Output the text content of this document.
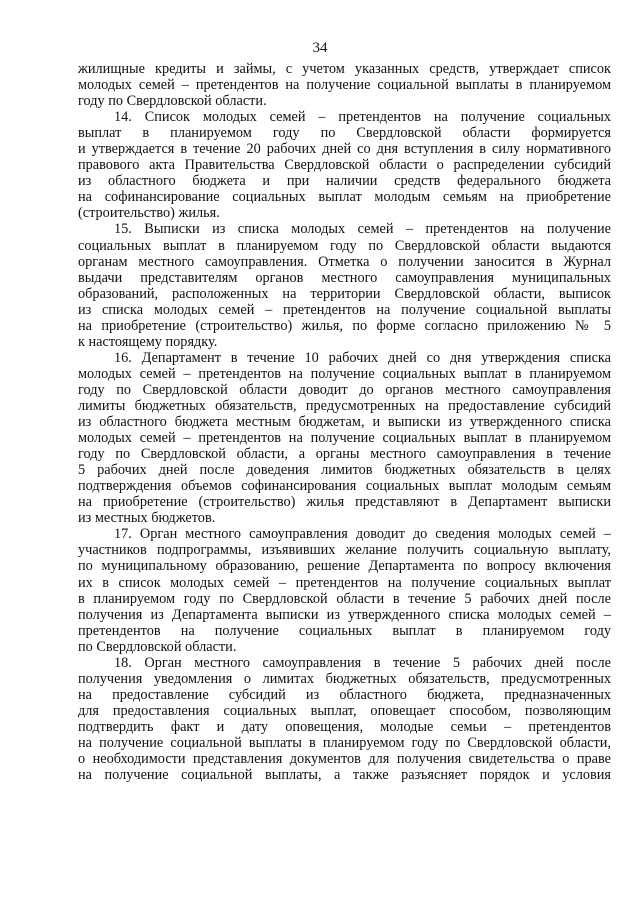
34
жилищные кредиты и займы, с учетом указанных средств, утверждает список
молодых семей – претендентов на получение социальной выплаты в планируемом
году по Свердловской области.
14. Список молодых семей – претендентов на получение социальных
выплат в планируемом году по Свердловской области формируется
и утверждается в течение 20 рабочих дней со дня вступления в силу нормативного
правового акта Правительства Свердловской области о распределении субсидий
из областного бюджета и при наличии средств федерального бюджета
на софинансирование социальных выплат молодым семьям на приобретение
(строительство) жилья.
15. Выписки из списка молодых семей – претендентов на получение
социальных выплат в планируемом году по Свердловской области выдаются
органам местного самоуправления. Отметка о получении заносится в Журнал
выдачи представителям органов местного самоуправления муниципальных
образований, расположенных на территории Свердловской области, выписок
из списка молодых семей – претендентов на получение социальной выплаты
на приобретение (строительство) жилья, по форме согласно приложению № 5
к настоящему порядку.
16. Департамент в течение 10 рабочих дней со дня утверждения списка
молодых семей – претендентов на получение социальных выплат в планируемом
году по Свердловской области доводит до органов местного самоуправления
лимиты бюджетных обязательств, предусмотренных на предоставление субсидий
из областного бюджета местным бюджетам, и выписки из утвержденного списка
молодых семей – претендентов на получение социальных выплат в планируемом
году по Свердловской области, а органы местного самоуправления в течение
5 рабочих дней после доведения лимитов бюджетных обязательств в целях
подтверждения объемов софинансирования социальных выплат молодым семьям
на приобретение (строительство) жилья представляют в Департамент выписки
из местных бюджетов.
17. Орган местного самоуправления доводит до сведения молодых семей –
участников подпрограммы, изъявивших желание получить социальную выплату,
по муниципальному образованию, решение Департамента по вопросу включения
их в список молодых семей – претендентов на получение социальных выплат
в планируемом году по Свердловской области в течение 5 рабочих дней после
получения из Департамента выписки из утвержденного списка молодых семей –
претендентов на получение социальных выплат в планируемом году
по Свердловской области.
18. Орган местного самоуправления в течение 5 рабочих дней после
получения уведомления о лимитах бюджетных обязательств, предусмотренных
на предоставление субсидий из областного бюджета, предназначенных
для предоставления социальных выплат, оповещает способом, позволяющим
подтвердить факт и дату оповещения, молодые семьи – претендентов
на получение социальной выплаты в планируемом году по Свердловской области,
о необходимости представления документов для получения свидетельства о праве
на получение социальной выплаты, а также разъясняет порядок и условия
